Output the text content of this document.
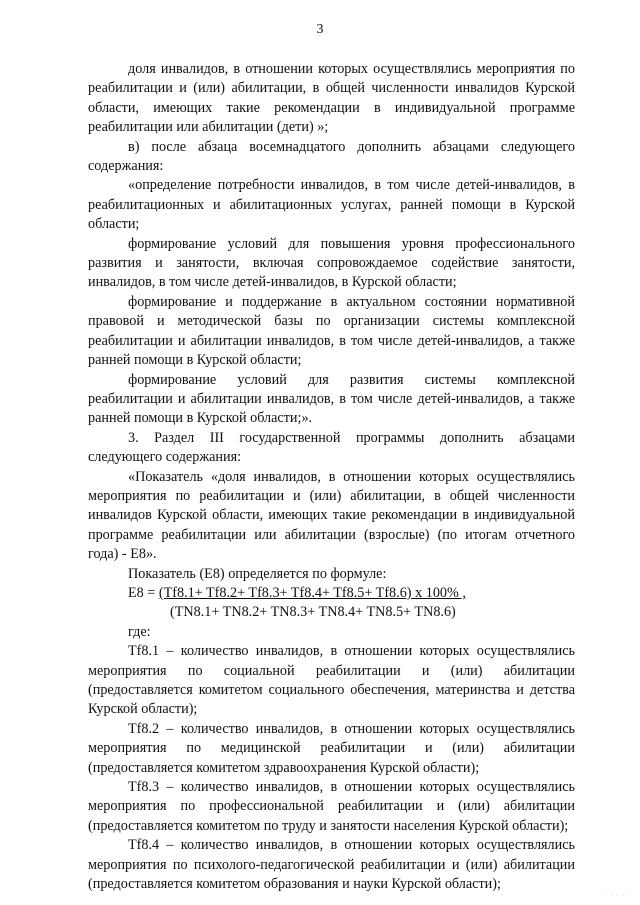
3

доля инвалидов, в отношении которых осуществлялись мероприятия по реабилитации и (или) абилитации, в общей численности инвалидов Курской области, имеющих такие рекомендации в индивидуальной программе реабилитации или абилитации (дети) »;

в) после абзаца восемнадцатого дополнить абзацами следующего содержания:

«определение потребности инвалидов, в том числе детей-инвалидов, в реабилитационных и абилитационных услугах, ранней помощи в Курской области;

формирование условий для повышения уровня профессионального развития и занятости, включая сопровождаемое содействие занятости, инвалидов, в том числе детей-инвалидов, в Курской области;

формирование и поддержание в актуальном состоянии нормативной правовой и методической базы по организации системы комплексной реабилитации и абилитации инвалидов, в том числе детей-инвалидов, а также ранней помощи в Курской области;

формирование условий для развития системы комплексной реабилитации и абилитации инвалидов, в том числе детей-инвалидов, а также ранней помощи в Курской области;».

3. Раздел III государственной программы дополнить абзацами следующего содержания:

«Показатель «доля инвалидов, в отношении которых осуществлялись мероприятия по реабилитации и (или) абилитации, в общей численности инвалидов Курской области, имеющих такие рекомендации в индивидуальной программе реабилитации или абилитации (взрослые) (по итогам отчетного года) - Е8».

Показатель (Е8) определяется по формуле:

Е8 = (Tf8.1+ Tf8.2+ Tf8.3+ Tf8.4+ Tf8.5+ Tf8.6) x 100% ,

(TN8.1+ TN8.2+ TN8.3+ TN8.4+ TN8.5+ TN8.6)

где:

Tf8.1 – количество инвалидов, в отношении которых осуществлялись мероприятия по социальной реабилитации и (или) абилитации (предоставляется комитетом социального обеспечения, материнства и детства Курской области);

Tf8.2 – количество инвалидов, в отношении которых осуществлялись мероприятия по медицинской реабилитации и (или) абилитации (предоставляется комитетом здравоохранения Курской области);

Tf8.3 – количество инвалидов, в отношении которых осуществлялись мероприятия по профессиональной реабилитации и (или) абилитации (предоставляется комитетом по труду и занятости населения Курской области);

Tf8.4 – количество инвалидов, в отношении которых осуществлялись мероприятия по психолого-педагогической реабилитации и (или) абилитации (предоставляется комитетом образования и науки Курской области);

· · · · ·
